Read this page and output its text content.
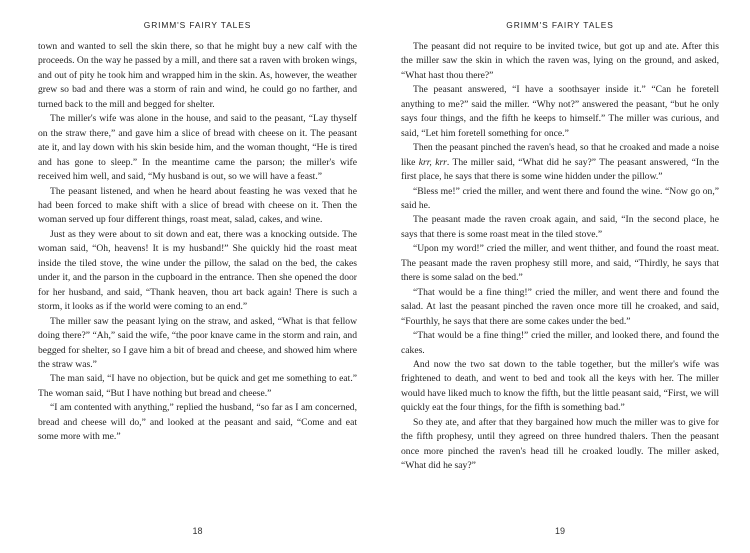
GRIMM'S FAIRY TALES

town and wanted to sell the skin there, so that he might buy a new calf with the proceeds. On the way he passed by a mill, and there sat a raven with broken wings, and out of pity he took him and wrapped him in the skin. As, however, the weather grew so bad and there was a storm of rain and wind, he could go no farther, and turned back to the mill and begged for shelter.

The miller's wife was alone in the house, and said to the peasant, “Lay thyself on the straw there,” and gave him a slice of bread with cheese on it. The peasant ate it, and lay down with his skin beside him, and the woman thought, “He is tired and has gone to sleep.” In the meantime came the parson; the miller's wife received him well, and said, “My husband is out, so we will have a feast.”

The peasant listened, and when he heard about feasting he was vexed that he had been forced to make shift with a slice of bread with cheese on it. Then the woman served up four different things, roast meat, salad, cakes, and wine.

Just as they were about to sit down and eat, there was a knocking outside. The woman said, “Oh, heavens! It is my husband!” She quickly hid the roast meat inside the tiled stove, the wine under the pillow, the salad on the bed, the cakes under it, and the parson in the cupboard in the entrance. Then she opened the door for her husband, and said, “Thank heaven, thou art back again! There is such a storm, it looks as if the world were coming to an end.”

The miller saw the peasant lying on the straw, and asked, “What is that fellow doing there?” “Ah,” said the wife, “the poor knave came in the storm and rain, and begged for shelter, so I gave him a bit of bread and cheese, and showed him where the straw was.”

The man said, “I have no objection, but be quick and get me something to eat.” The woman said, “But I have nothing but bread and cheese.”

“I am contented with anything,” replied the husband, “so far as I am concerned, bread and cheese will do,” and looked at the peasant and said, “Come and eat some more with me.”

18
GRIMM'S FAIRY TALES

The peasant did not require to be invited twice, but got up and ate. After this the miller saw the skin in which the raven was, lying on the ground, and asked, “What hast thou there?”

The peasant answered, “I have a soothsayer inside it.” “Can he foretell anything to me?” said the miller. “Why not?” answered the peasant, “but he only says four things, and the fifth he keeps to himself.” The miller was curious, and said, “Let him foretell something for once.”

Then the peasant pinched the raven's head, so that he croaked and made a noise like krr, krr. The miller said, “What did he say?” The peasant answered, “In the first place, he says that there is some wine hidden under the pillow.”

“Bless me!” cried the miller, and went there and found the wine. “Now go on,” said he.

The peasant made the raven croak again, and said, “In the second place, he says that there is some roast meat in the tiled stove.”

“Upon my word!” cried the miller, and went thither, and found the roast meat. The peasant made the raven prophesy still more, and said, “Thirdly, he says that there is some salad on the bed.”

“That would be a fine thing!” cried the miller, and went there and found the salad. At last the peasant pinched the raven once more till he croaked, and said, “Fourthly, he says that there are some cakes under the bed.”

“That would be a fine thing!” cried the miller, and looked there, and found the cakes.

And now the two sat down to the table together, but the miller's wife was frightened to death, and went to bed and took all the keys with her. The miller would have liked much to know the fifth, but the little peasant said, “First, we will quickly eat the four things, for the fifth is something bad.”

So they ate, and after that they bargained how much the miller was to give for the fifth prophesy, until they agreed on three hundred thalers. Then the peasant once more pinched the raven's head till he croaked loudly. The miller asked, “What did he say?”

19
